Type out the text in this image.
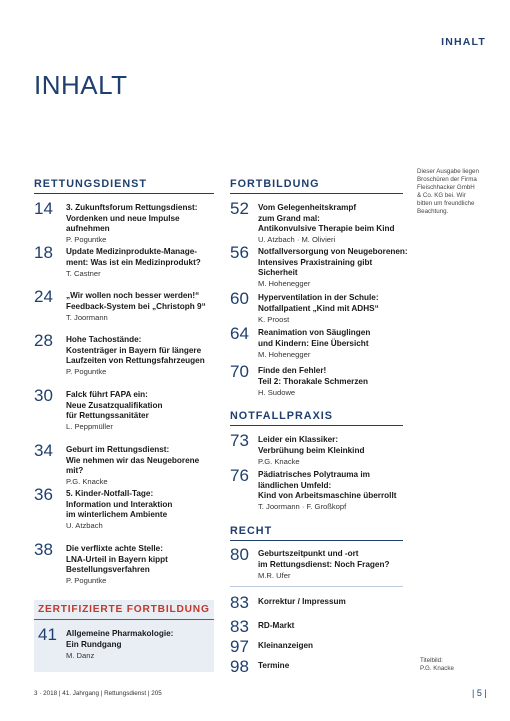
INHALT
INHALT
RETTUNGSDIENST
14 3. Zukunftsforum Rettungsdienst:
Vordenken und neue Impulse aufnehmen
P. Poguntke
18 Update Medizinprodukte-Manage-
ment: Was ist ein Medizinprodukt?
T. Castner
24 „Wir wollen noch besser werden!“
Feedback-System bei „Christoph 9“
T. Joormann
28 Hohe Tachostände:
Kostenträger in Bayern für längere
Laufzeiten von Rettungsfahrzeugen
P. Poguntke
30 Falck führt FAPA ein:
Neue Zusatzqualifikation
für Rettungssanitäter
L. Peppmüller
34 Geburt im Rettungsdienst:
Wie nehmen wir das Neugeborene mit?
P.G. Knacke
36 5. Kinder-Notfall-Tage:
Information und Interaktion
im winterlichem Ambiente
U. Atzbach
38 Die verflixte achte Stelle:
LNA-Urteil in Bayern kippt
Bestellungsverfahren
P. Poguntke
ZERTIFIZIERTE FORTBILDUNG
41 Allgemeine Pharmakologie:
Ein Rundgang
M. Danz
FORTBILDUNG
52 Vom Gelegenheitskrampf
zum Grand mal:
Antikonvulsive Therapie beim Kind
U. Atzbach · M. Olivieri
56 Notfallversorgung von Neugeborenen:
Intensives Praxistraining gibt
Sicherheit
M. Hohenegger
60 Hyperventilation in der Schule:
Notfallpatient „Kind mit ADHS“
K. Proost
64 Reanimation von Säuglingen
und Kindern: Eine Übersicht
M. Hohenegger
70 Finde den Fehler!
Teil 2: Thorakale Schmerzen
H. Sudowe
NOTFALLPRAXIS
73 Leider ein Klassiker:
Verbrühung beim Kleinkind
P.G. Knacke
76 Pädiatrisches Polytrauma im
ländlichen Umfeld:
Kind von Arbeitsmaschine überrollt
T. Joormann · F. Großkopf
RECHT
80 Geburtszeitpunkt und -ort
im Rettungsdienst: Noch Fragen?
M.R. Ufer
83 Korrektur / Impressum
83 RD-Markt
97 Kleinanzeigen
98 Termine
Dieser Ausgabe liegen
Broschüren der Firma
Fleischhacker GmbH
& Co. KG bei. Wir
bitten um freundliche
Beachtung.
Titelbild:
P.G. Knacke
3 · 2018 | 41. Jahrgang | Rettungsdienst | 205	| 5 |
